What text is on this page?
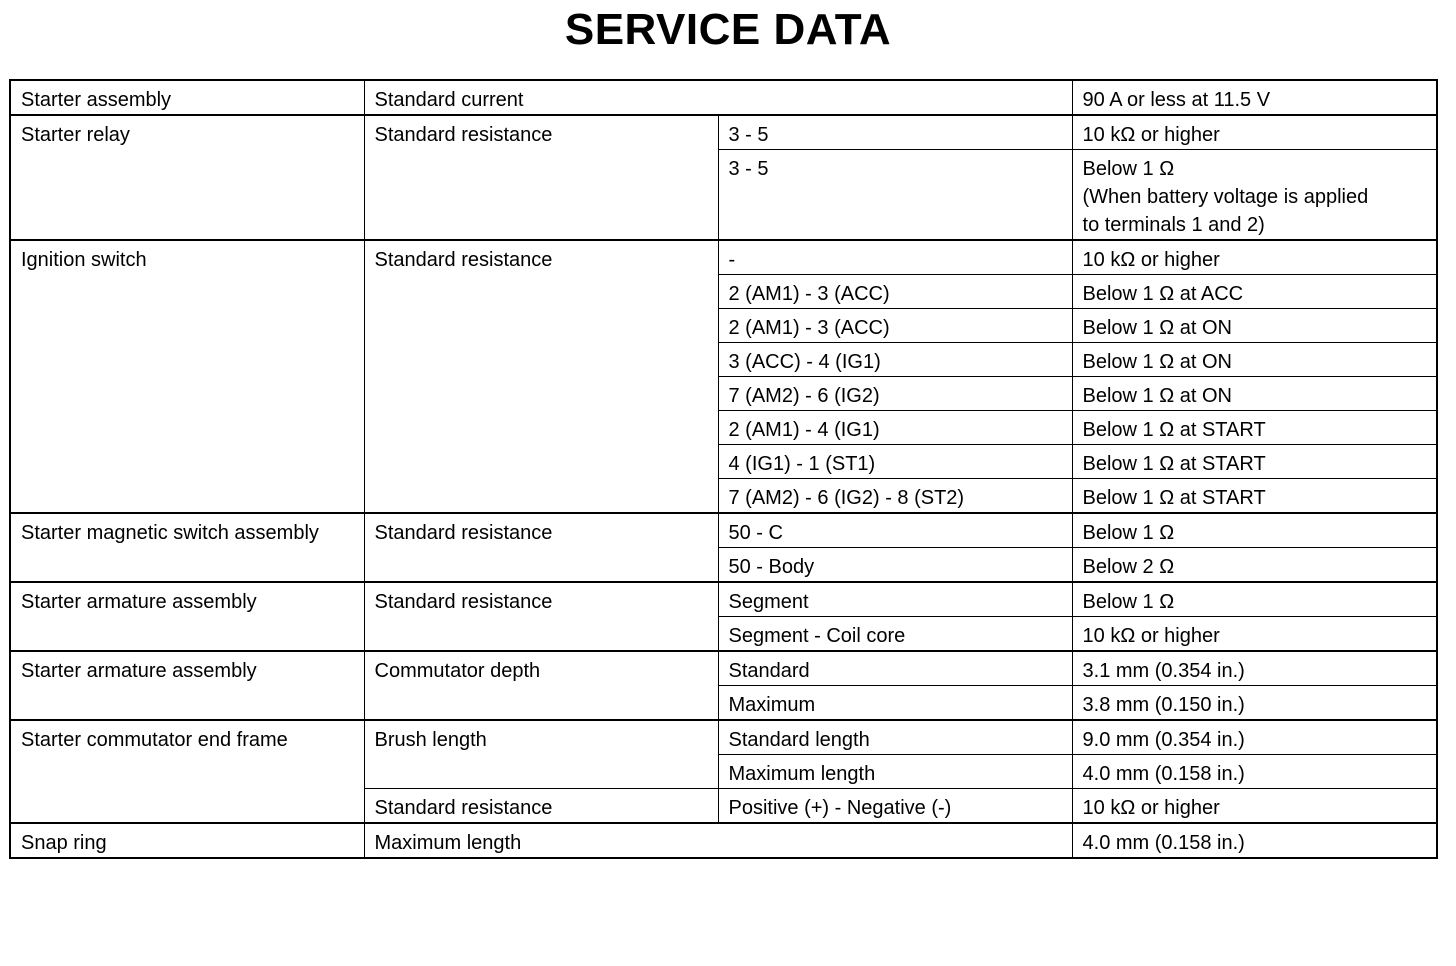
SERVICE DATA
Starter assembly	Standard current		90 A or less at 11.5 V
Starter relay	Standard resistance	3 - 5	10 kΩ or higher
		3 - 5	Below 1 Ω
(When battery voltage is applied
to terminals 1 and 2)
Ignition switch	Standard resistance	-	10 kΩ or higher
		2 (AM1) - 3 (ACC)	Below 1 Ω at ACC
		2 (AM1) - 3 (ACC)	Below 1 Ω at ON
		3 (ACC) - 4 (IG1)	Below 1 Ω at ON
		7 (AM2) - 6 (IG2)	Below 1 Ω at ON
		2 (AM1) - 4 (IG1)	Below 1 Ω at START
		4 (IG1) - 1 (ST1)	Below 1 Ω at START
		7 (AM2) - 6 (IG2) - 8 (ST2)	Below 1 Ω at START
Starter magnetic switch assembly	Standard resistance	50 - C	Below 1 Ω
		50 - Body	Below 2 Ω
Starter armature assembly	Standard resistance	Segment	Below 1 Ω
		Segment - Coil core	10 kΩ or higher
Starter armature assembly	Commutator depth	Standard	3.1 mm (0.354 in.)
		Maximum	3.8 mm (0.150 in.)
Starter commutator end frame	Brush length	Standard length	9.0 mm (0.354 in.)
		Maximum length	4.0 mm (0.158 in.)
	Standard resistance	Positive (+) - Negative (-)	10 kΩ or higher
Snap ring	Maximum length		4.0 mm (0.158 in.)
